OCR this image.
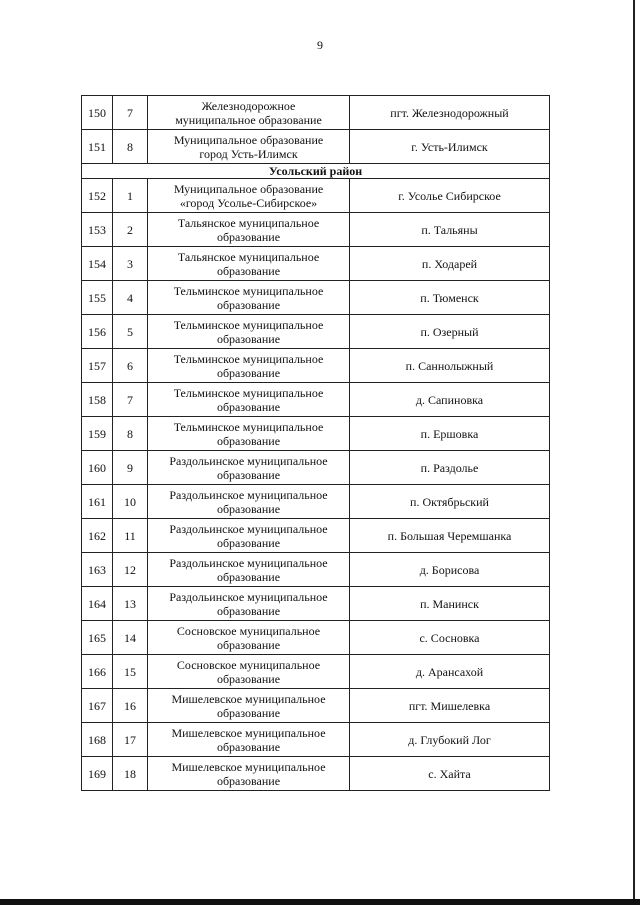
9
150	7	Железнодорожное
муниципальное образование	пгт. Железнодорожный
151	8	Муниципальное образование
город Усть-Илимск	г. Усть-Илимск
Усольский район			
152	1	Муниципальное образование
«город Усолье-Сибирское»	г. Усолье Сибирское
153	2	Тальянское муниципальное
образование	п. Тальяны
154	3	Тальянское муниципальное
образование	п. Ходарей
155	4	Тельминское муниципальное
образование	п. Тюменск
156	5	Тельминское муниципальное
образование	п. Озерный
157	6	Тельминское муниципальное
образование	п. Саннолыжный
158	7	Тельминское муниципальное
образование	д. Сапиновка
159	8	Тельминское муниципальное
образование	п. Ершовка
160	9	Раздольинское муниципальное
образование	п. Раздолье
161	10	Раздольинское муниципальное
образование	п. Октябрьский
162	11	Раздольинское муниципальное
образование	п. Большая Черемшанка
163	12	Раздольинское муниципальное
образование	д. Борисова
164	13	Раздольинское муниципальное
образование	п. Манинск
165	14	Сосновское муниципальное
образование	с. Сосновка
166	15	Сосновское муниципальное
образование	д. Арансахой
167	16	Мишелевское муниципальное
образование	пгт. Мишелевка
168	17	Мишелевское муниципальное
образование	д. Глубокий Лог
169	18	Мишелевское муниципальное
образование	с. Хайта
